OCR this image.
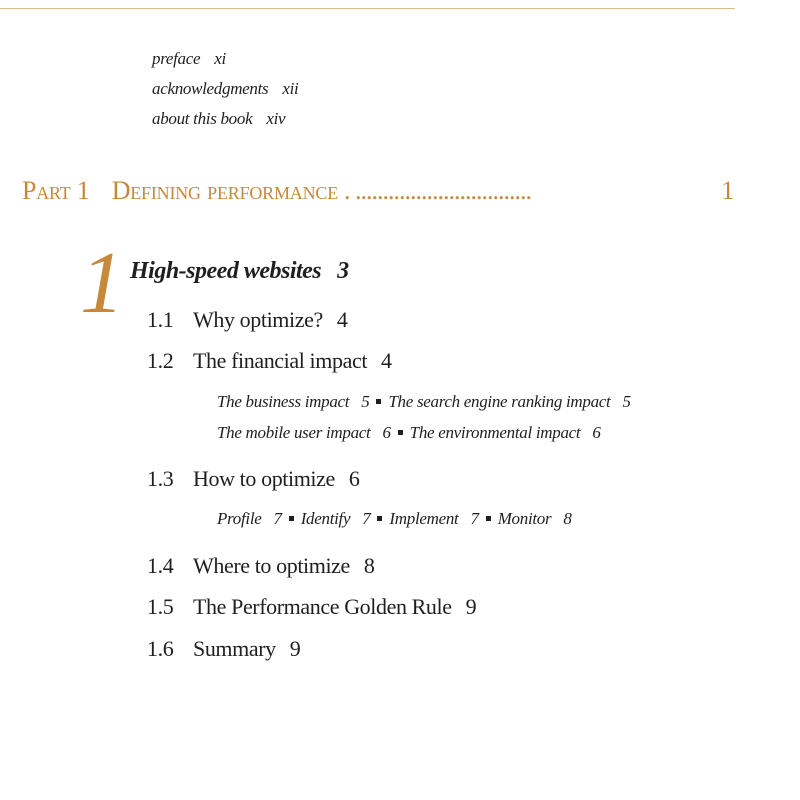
preface xi
acknowledgments xii
about this book xiv
Part 1 Defining performance . ................................	1
1 High-speed websites 3
1.1 Why optimize? 4
1.2 The financial impact 4
The business impact 5 The search engine ranking impact 5
The mobile user impact 6 The environmental impact 6
1.3 How to optimize 6
Profile 7 Identify 7 Implement 7 Monitor 8
1.4 Where to optimize 8
1.5 The Performance Golden Rule 9
1.6 Summary 9
